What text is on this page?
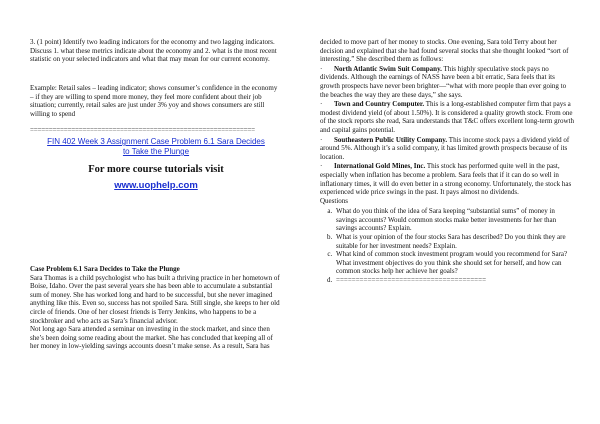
3. (1 point) Identify two leading indicators for the economy and two lagging indicators. Discuss 1. what these metrics indicate about the economy and 2. what is the most recent statistic on your selected indicators and what that may mean for our current economy.

Example: Retail sales – leading indicator; shows consumer’s confidence in the economy – if they are willing to spend more money, they feel more confident about their job situation; currently, retail sales are just under 3% yoy and shows consumers are still willing to spend

============================================================
FIN 402 Week 3 Assignment Case Problem 6.1 Sara Decides
to Take the Plunge
For more course tutorials visit
www.uophelp.com

Case Problem 6.1 Sara Decides to Take the Plunge

Sara Thomas is a child psychologist who has built a thriving practice in her hometown of Boise, Idaho. Over the past several years she has been able to accumulate a substantial sum of money. She has worked long and hard to be successful, but she never imagined anything like this. Even so, success has not spoiled Sara. Still single, she keeps to her old circle of friends. One of her closest friends is Terry Jenkins, who happens to be a stockbroker and who acts as Sara’s financial advisor.

Not long ago Sara attended a seminar on investing in the stock market, and since then she’s been doing some reading about the market. She has concluded that keeping all of her money in low-yielding savings accounts doesn’t make sense. As a result, Sara has

decided to move part of her money to stocks. One evening, Sara told Terry about her decision and explained that she had found several stocks that she thought looked “sort of interesting.” She described them as follows:

· North Atlantic Swim Suit Company. This highly speculative stock pays no dividends. Although the earnings of NASS have been a bit erratic, Sara feels that its growth prospects have never been brighter—“what with more people than ever going to the beaches the way they are these days,” she says.
· Town and Country Computer. This is a long-established computer firm that pays a modest dividend yield (of about 1.50%). It is considered a quality growth stock. From one of the stock reports she read, Sara understands that T&C offers excellent long-term growth and capital gains potential.
· Southeastern Public Utility Company. This income stock pays a dividend yield of around 5%. Although it’s a solid company, it has limited growth prospects because of its location.
· International Gold Mines, Inc. This stock has performed quite well in the past, especially when inflation has become a problem. Sara feels that if it can do so well in inflationary times, it will do even better in a strong economy. Unfortunately, the stock has experienced wide price swings in the past. It pays almost no dividends.

Questions

a. What do you think of the idea of Sara keeping “substantial sums” of money in savings accounts? Would common stocks make better investments for her than savings accounts? Explain.
b. What is your opinion of the four stocks Sara has described? Do you think they are suitable for her investment needs? Explain.
c. What kind of common stock investment program would you recommend for Sara? What investment objectives do you think she should set for herself, and how can common stocks help her achieve her goals?
d. ======================================
